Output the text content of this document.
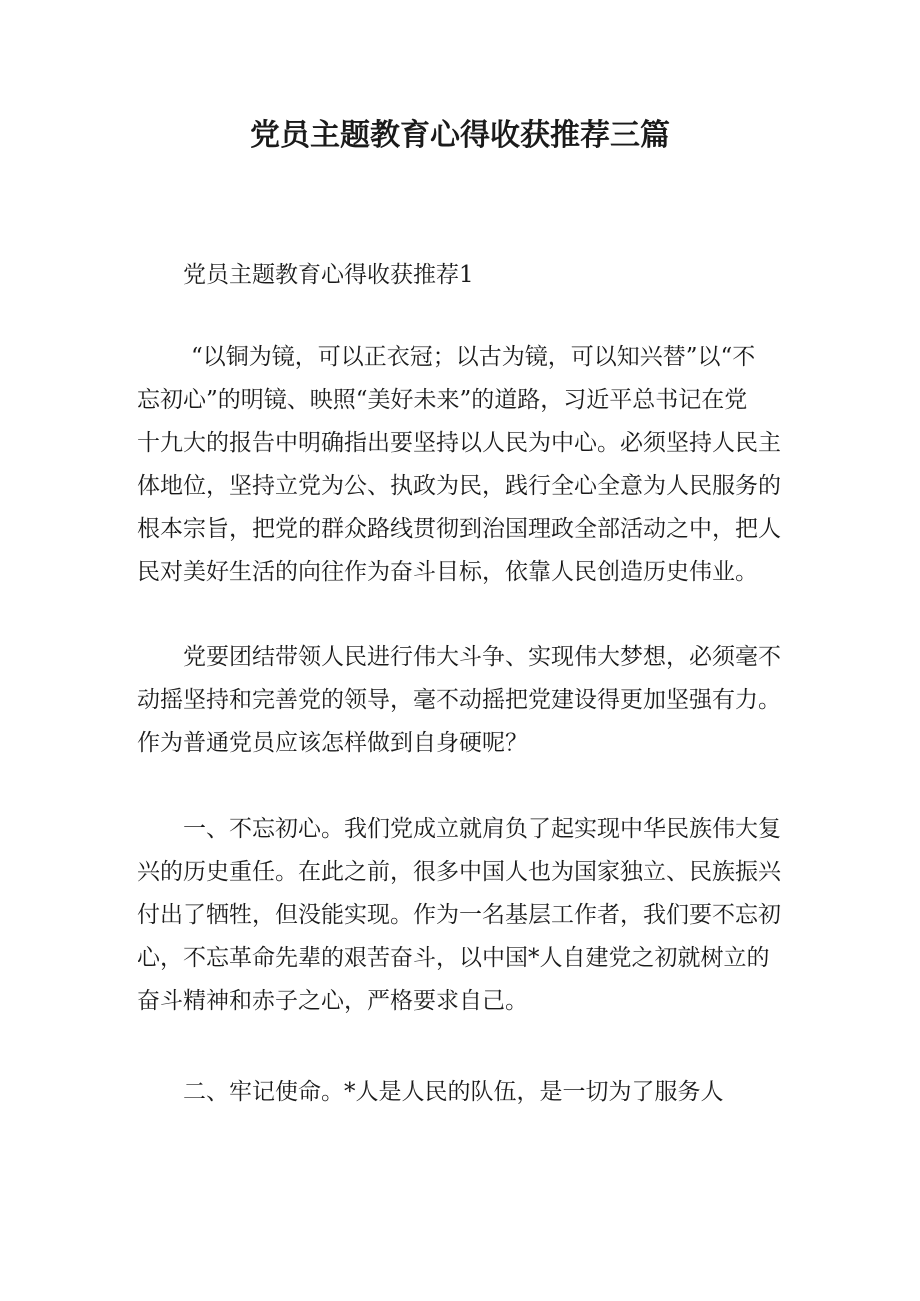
党员主题教育心得收获推荐三篇

党员主题教育心得收获推荐1

“以铜为镜，可以正衣冠；以古为镜，可以知兴替”以“不
忘初心”的明镜、映照“美好未来”的道路，习近平总书记在党
十九大的报告中明确指出要坚持以人民为中心。必须坚持人民主
体地位，坚持立党为公、执政为民，践行全心全意为人民服务的
根本宗旨，把党的群众路线贯彻到治国理政全部活动之中，把人
民对美好生活的向往作为奋斗目标，依靠人民创造历史伟业。

党要团结带领人民进行伟大斗争、实现伟大梦想，必须毫不
动摇坚持和完善党的领导，毫不动摇把党建设得更加坚强有力。
作为普通党员应该怎样做到自身硬呢？

一、不忘初心。我们党成立就肩负了起实现中华民族伟大复
兴的历史重任。在此之前，很多中国人也为国家独立、民族振兴
付出了牺牲，但没能实现。作为一名基层工作者，我们要不忘初
心，不忘革命先辈的艰苦奋斗，以中国*人自建党之初就树立的
奋斗精神和赤子之心，严格要求自己。

二、牢记使命。*人是人民的队伍，是一切为了服务人
